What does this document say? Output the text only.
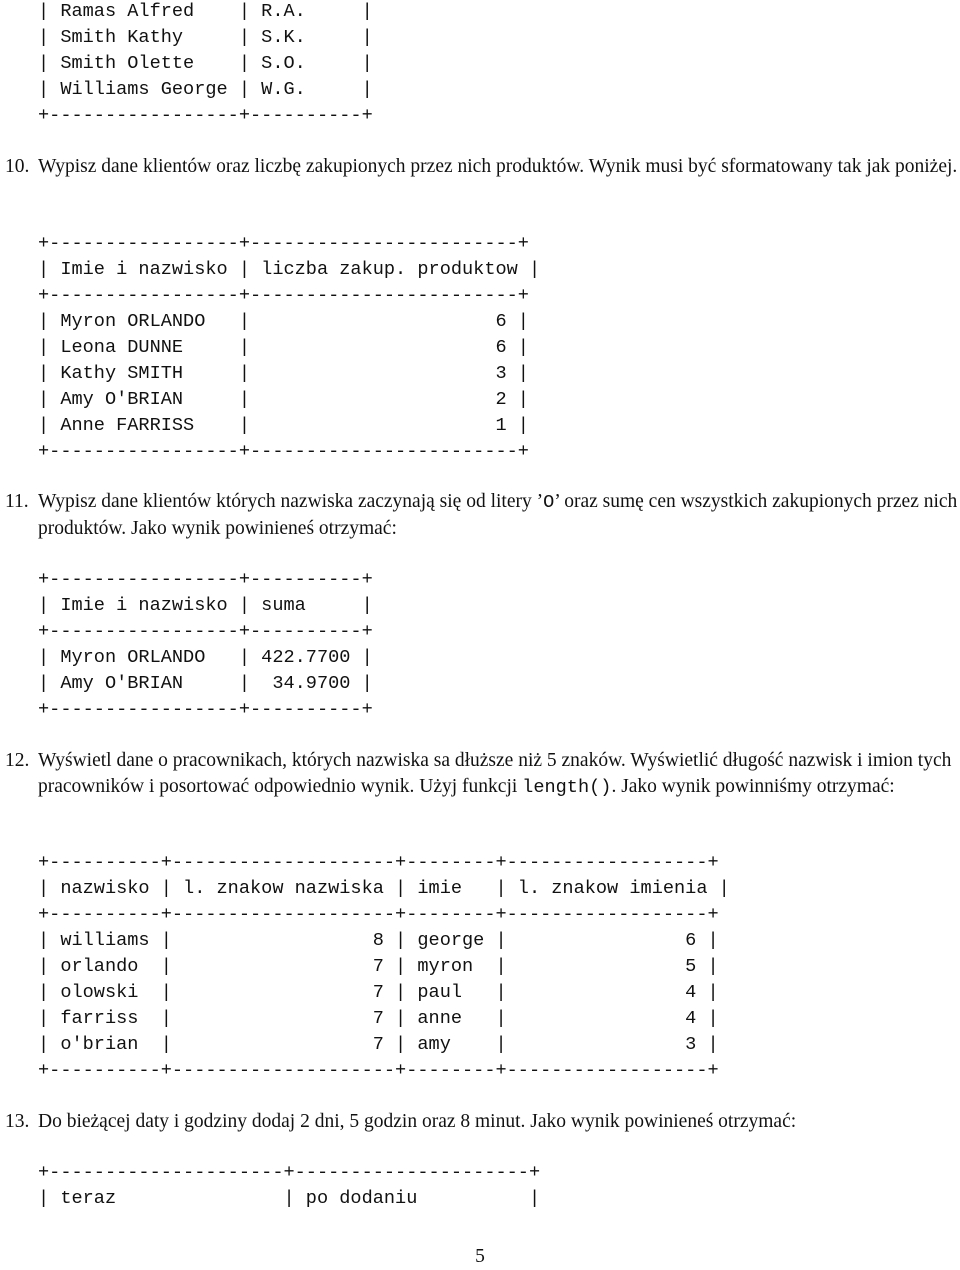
| Ramas Alfred    | R.A.     |
| Smith Kathy     | S.K.     |
| Smith Olette    | S.O.     |
| Williams George | W.G.     |
+-----------------+----------+
10. Wypisz dane klientów oraz liczbę zakupionych przez nich produktów. Wynik musi być sformatowany tak jak poniżej.
+-----------------+------------------------+
| Imie i nazwisko | liczba zakup. produktow |
+-----------------+------------------------+
| Myron ORLANDO   |                      6 |
| Leona DUNNE     |                      6 |
| Kathy SMITH     |                      3 |
| Amy O'BRIAN     |                      2 |
| Anne FARRISS    |                      1 |
+-----------------+------------------------+
11. Wypisz dane klientów których nazwiska zaczynają się od litery ’O’ oraz sumę cen wszystkich zakupionych przez nich produktów. Jako wynik powinieneś otrzymać:
+-----------------+----------+
| Imie i nazwisko | suma     |
+-----------------+----------+
| Myron ORLANDO   | 422.7700 |
| Amy O'BRIAN     |  34.9700 |
+-----------------+----------+
12. Wyświetl dane o pracownikach, których nazwiska sa dłuższe niż 5 znaków. Wyświetlić długość nazwisk i imion tych pracowników i posortować odpowiednio wynik. Użyj funkcji length(). Jako wynik powinniśmy otrzymać:
+----------+--------------------+--------+------------------+
| nazwisko | l. znakow nazwiska | imie   | l. znakow imienia |
+----------+--------------------+--------+------------------+
| williams |                  8 | george |                6 |
| orlando  |                  7 | myron  |                5 |
| olowski  |                  7 | paul   |                4 |
| farriss  |                  7 | anne   |                4 |
| o'brian  |                  7 | amy    |                3 |
+----------+--------------------+--------+------------------+
13. Do bieżącej daty i godziny dodaj 2 dni, 5 godzin oraz 8 minut. Jako wynik powinieneś otrzymać:
+---------------------+---------------------+
| teraz               | po dodaniu          |
5
